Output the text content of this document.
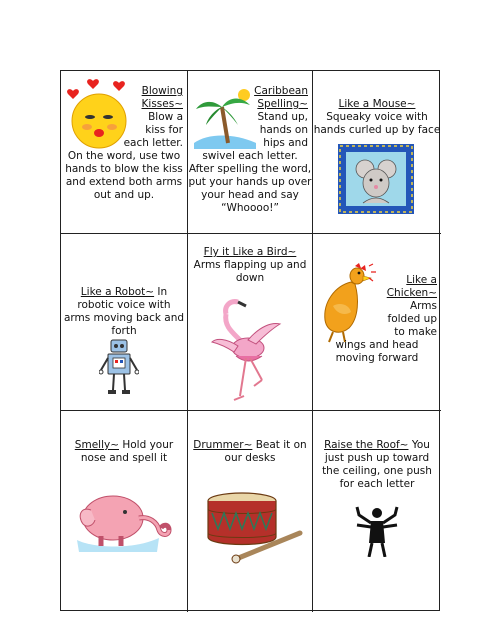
Blowing
Kisses~
Blow a
kiss for
each letter.
On the word, use two
hands to blow the kiss
and extend both arms
out and up.
Caribbean
Spelling~
Stand up,
hands on
hips and
swivel each letter.
After spelling the word,
put your hands up over
your head and say
“Whoooo!”
Like a Mouse~
Squeaky voice with
hands curled up by face
Like a Robot~ In
robotic voice with
arms moving back and
forth
Fly it Like a Bird~
Arms flapping up and
down	Like a
Chicken~
Arms
folded up
to make
wings and head
moving forward
Smelly~ Hold your
nose and spell it
Drummer~ Beat it on
our desks
Raise the Roof~ You
just push up toward
the ceiling, one push
for each letter
